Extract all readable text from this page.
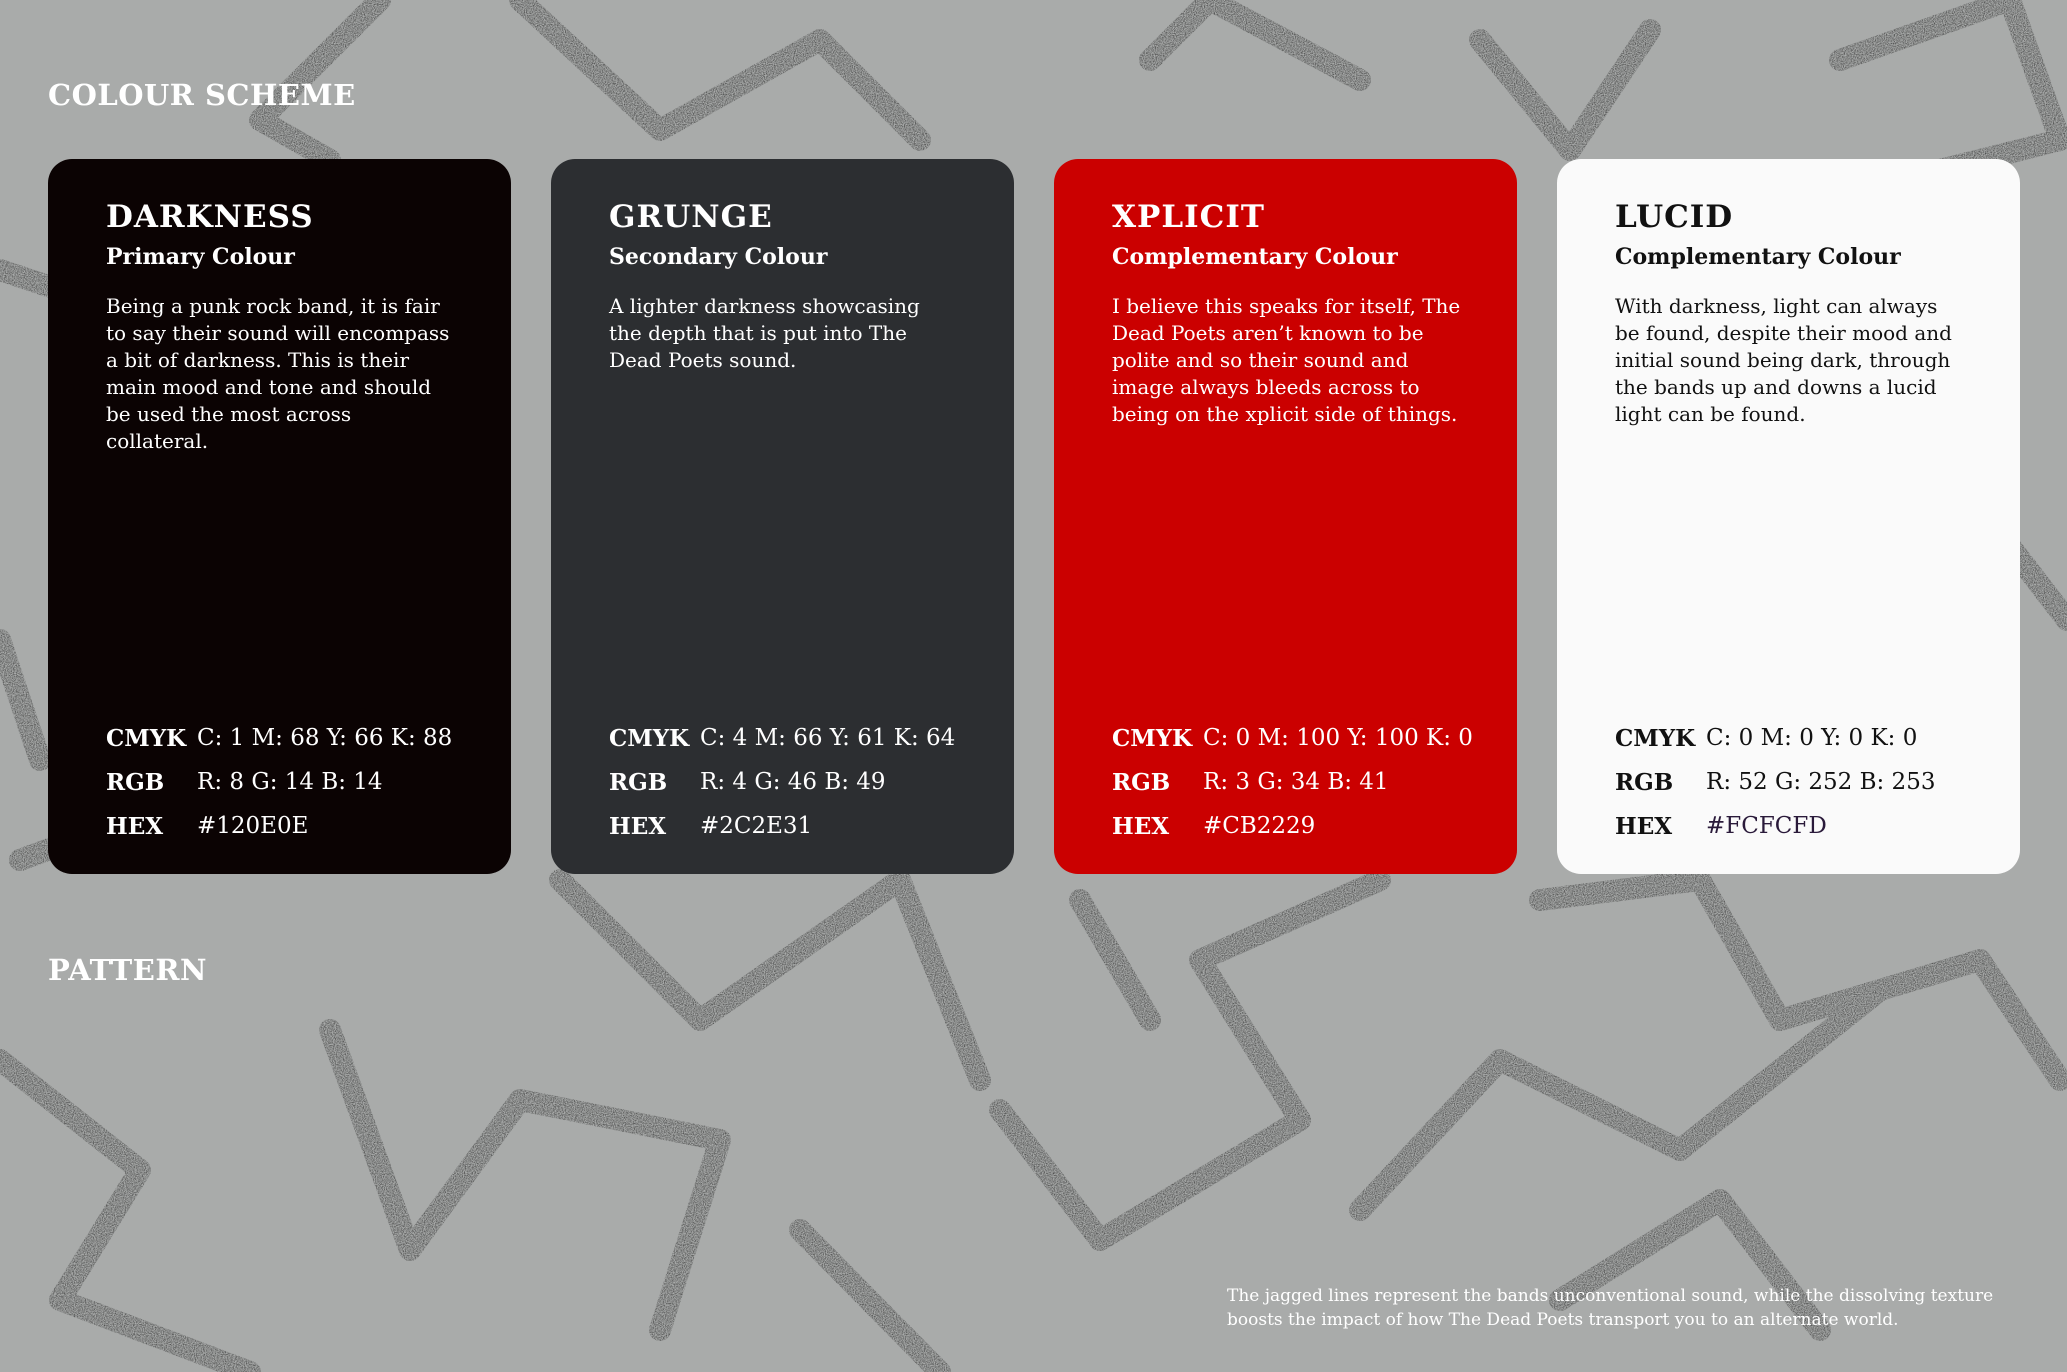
COLOUR SCHEME
DARKNESS

Primary Colour

Being a punk rock band, it is fair to say their sound will encompass a bit of darkness. This is their main mood and tone and should be used the most across collateral.

CMYK C: 1 M: 68 Y: 66 K: 88
RGB	R: 8 G: 14 B: 14
HEX	#120E0E
GRUNGE

Secondary Colour

A lighter darkness showcasing the depth that is put into The Dead Poets sound.

CMYK C: 4 M: 66 Y: 61 K: 64
RGB	R: 4 G: 46 B: 49
HEX	#2C2E31
XPLICIT

Complementary Colour

I believe this speaks for itself, The Dead Poets aren’t known to be polite and so their sound and image always bleeds across to being on the xplicit side of things.

CMYK C: 0 M: 100 Y: 100 K: 0
RGB	R: 3 G: 34 B: 41
HEX	#CB2229
LUCID

Complementary Colour

With darkness, light can always be found, despite their mood and initial sound being dark, through the bands up and downs a lucid light can be found.

CMYK C: 0 M: 0 Y: 0 K: 0
RGB	R: 52 G: 252 B: 253
HEX	#FCFCFD
PATTERN

The jagged lines represent the bands unconventional sound, while the dissolving texture boosts the impact of how The Dead Poets transport you to an alternate world.
